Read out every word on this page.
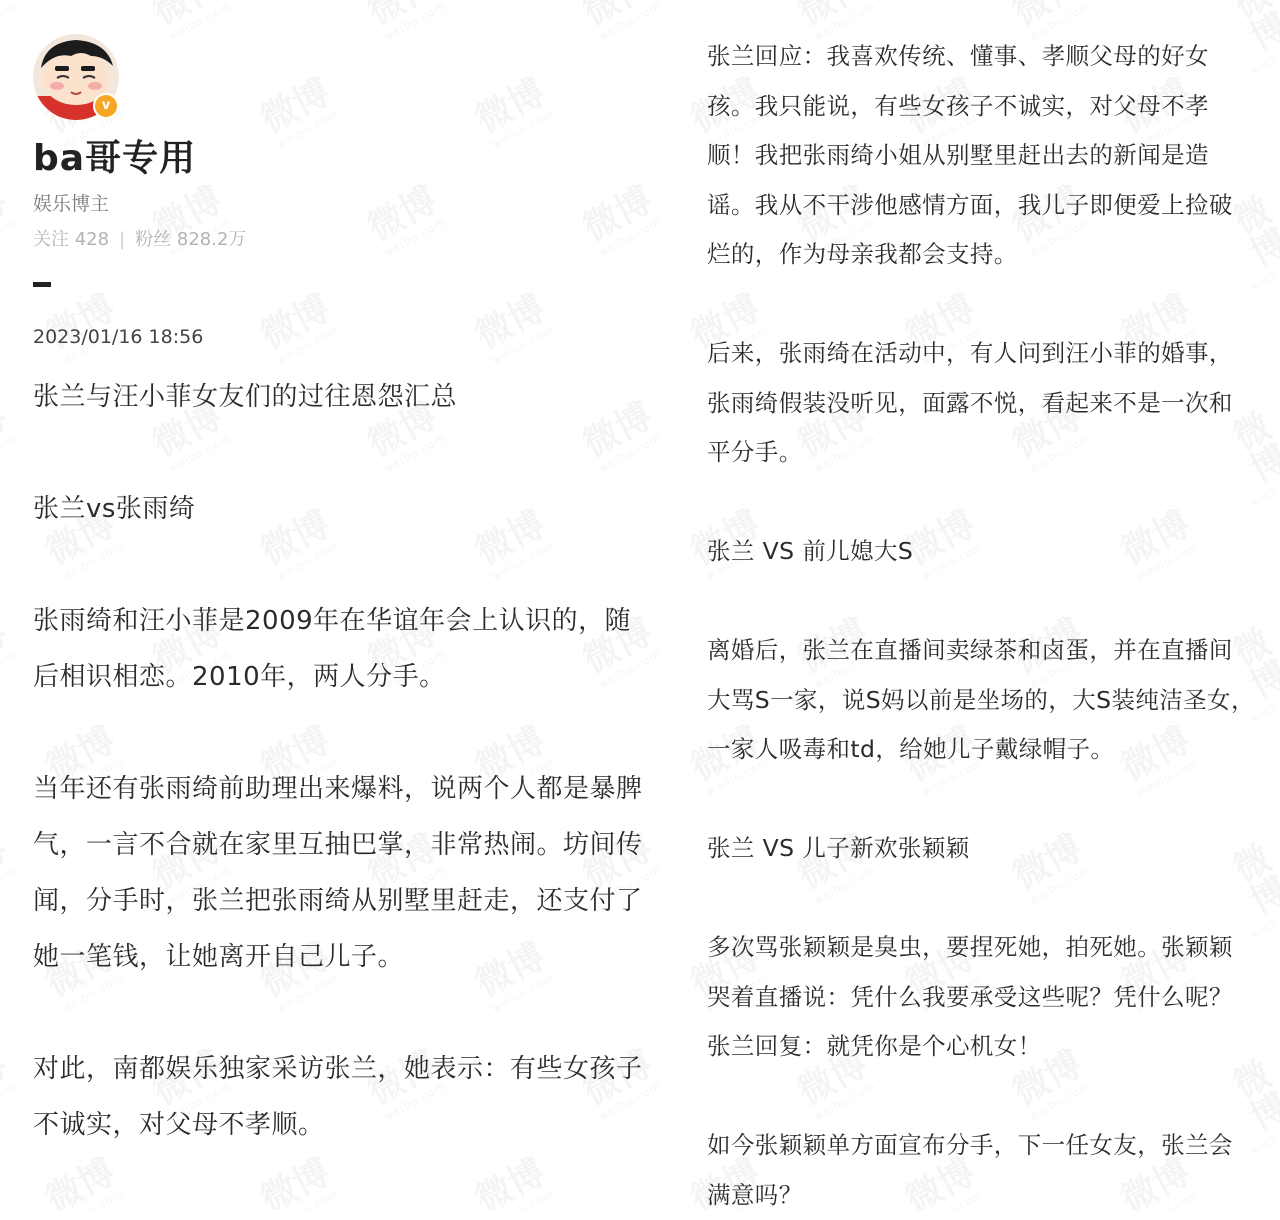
v
ba哥专用
娱乐博主
关注 428 | 粉丝 828.2万
2023/01/16 18:56
张兰与汪小菲女友们的过往恩怨汇总
张兰vs张雨绮
张雨绮和汪小菲是2009年在华谊年会上认识的，随后相识相恋。2010年，两人分手。
当年还有张雨绮前助理出来爆料，说两个人都是暴脾气，一言不合就在家里互抽巴掌，非常热闹。坊间传闻，分手时，张兰把张雨绮从别墅里赶走，还支付了她一笔钱，让她离开自己儿子。
对此，南都娱乐独家采访张兰，她表示：有些女孩子不诚实，对父母不孝顺。
张兰回应：我喜欢传统、懂事、孝顺父母的好女孩。我只能说，有些女孩子不诚实，对父母不孝顺！我把张雨绮小姐从别墅里赶出去的新闻是造谣。我从不干涉他感情方面，我儿子即便爱上捡破烂的，作为母亲我都会支持。
后来，张雨绮在活动中，有人问到汪小菲的婚事，张雨绮假装没听见，面露不悦，看起来不是一次和平分手。
张兰 VS 前儿媳大S
离婚后，张兰在直播间卖绿茶和卤蛋，并在直播间大骂S一家，说S妈以前是坐场的，大S装纯洁圣女，一家人吸毒和td，给她儿子戴绿帽子。
张兰 VS 儿子新欢张颖颖
多次骂张颖颖是臭虫，要捏死她，拍死她。张颖颖哭着直播说：凭什么我要承受这些呢？凭什么呢？张兰回复：就凭你是个心机女！
如今张颖颖单方面宣布分手，下一任女友，张兰会满意吗？
